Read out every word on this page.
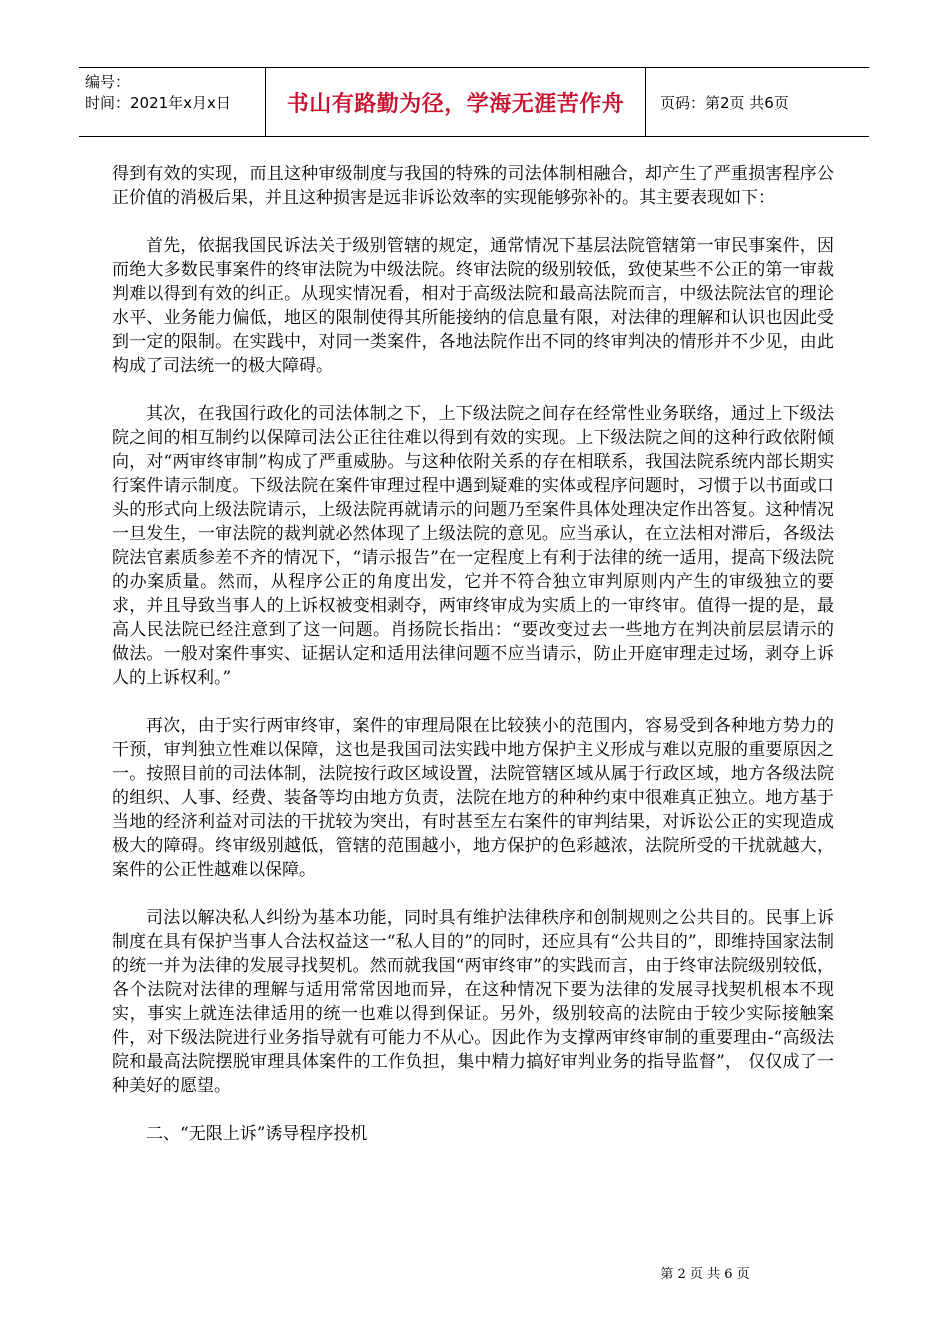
编号：
时间：2021年x月x日	书山有路勤为径，学海无涯苦作舟	页码：第2页 共6页

得到有效的实现，而且这种审级制度与我国的特殊的司法体制相融合，却产生了严重损害程序公正价值的消极后果，并且这种损害是远非诉讼效率的实现能够弥补的。其主要表现如下：

首先，依据我国民诉法关于级别管辖的规定，通常情况下基层法院管辖第一审民事案件，因而绝大多数民事案件的终审法院为中级法院。终审法院的级别较低，致使某些不公正的第一审裁判难以得到有效的纠正。从现实情况看，相对于高级法院和最高法院而言，中级法院法官的理论水平、业务能力偏低，地区的限制使得其所能接纳的信息量有限，对法律的理解和认识也因此受到一定的限制。在实践中，对同一类案件，各地法院作出不同的终审判决的情形并不少见，由此构成了司法统一的极大障碍。

其次，在我国行政化的司法体制之下，上下级法院之间存在经常性业务联络，通过上下级法院之间的相互制约以保障司法公正往往难以得到有效的实现。上下级法院之间的这种行政依附倾向，对“两审终审制”构成了严重威胁。与这种依附关系的存在相联系，我国法院系统内部长期实行案件请示制度。下级法院在案件审理过程中遇到疑难的实体或程序问题时，习惯于以书面或口头的形式向上级法院请示，上级法院再就请示的问题乃至案件具体处理决定作出答复。这种情况一旦发生，一审法院的裁判就必然体现了上级法院的意见。应当承认，在立法相对滞后，各级法院法官素质参差不齐的情况下，“请示报告”在一定程度上有利于法律的统一适用，提高下级法院的办案质量。然而，从程序公正的角度出发，它并不符合独立审判原则内产生的审级独立的要求，并且导致当事人的上诉权被变相剥夺，两审终审成为实质上的一审终审。值得一提的是，最高人民法院已经注意到了这一问题。肖扬院长指出：“要改变过去一些地方在判决前层层请示的做法。一般对案件事实、证据认定和适用法律问题不应当请示，防止开庭审理走过场，剥夺上诉人的上诉权利。”

再次，由于实行两审终审，案件的审理局限在比较狭小的范围内，容易受到各种地方势力的干预，审判独立性难以保障，这也是我国司法实践中地方保护主义形成与难以克服的重要原因之一。按照目前的司法体制，法院按行政区域设置，法院管辖区域从属于行政区域，地方各级法院的组织、人事、经费、装备等均由地方负责，法院在地方的种种约束中很难真正独立。地方基于当地的经济利益对司法的干扰较为突出，有时甚至左右案件的审判结果，对诉讼公正的实现造成极大的障碍。终审级别越低，管辖的范围越小，地方保护的色彩越浓，法院所受的干扰就越大，案件的公正性越难以保障。

司法以解决私人纠纷为基本功能，同时具有维护法律秩序和创制规则之公共目的。民事上诉制度在具有保护当事人合法权益这一“私人目的”的同时，还应具有“公共目的”，即维持国家法制的统一并为法律的发展寻找契机。然而就我国“两审终审”的实践而言，由于终审法院级别较低，各个法院对法律的理解与适用常常因地而异，在这种情况下要为法律的发展寻找契机根本不现实，事实上就连法律适用的统一也难以得到保证。另外，级别较高的法院由于较少实际接触案件，对下级法院进行业务指导就有可能力不从心。因此作为支撑两审终审制的重要理由-“高级法院和最高法院摆脱审理具体案件的工作负担，集中精力搞好审判业务的指导监督”， 仅仅成了一种美好的愿望。

二、“无限上诉”诱导程序投机

第 2 页 共 6 页
